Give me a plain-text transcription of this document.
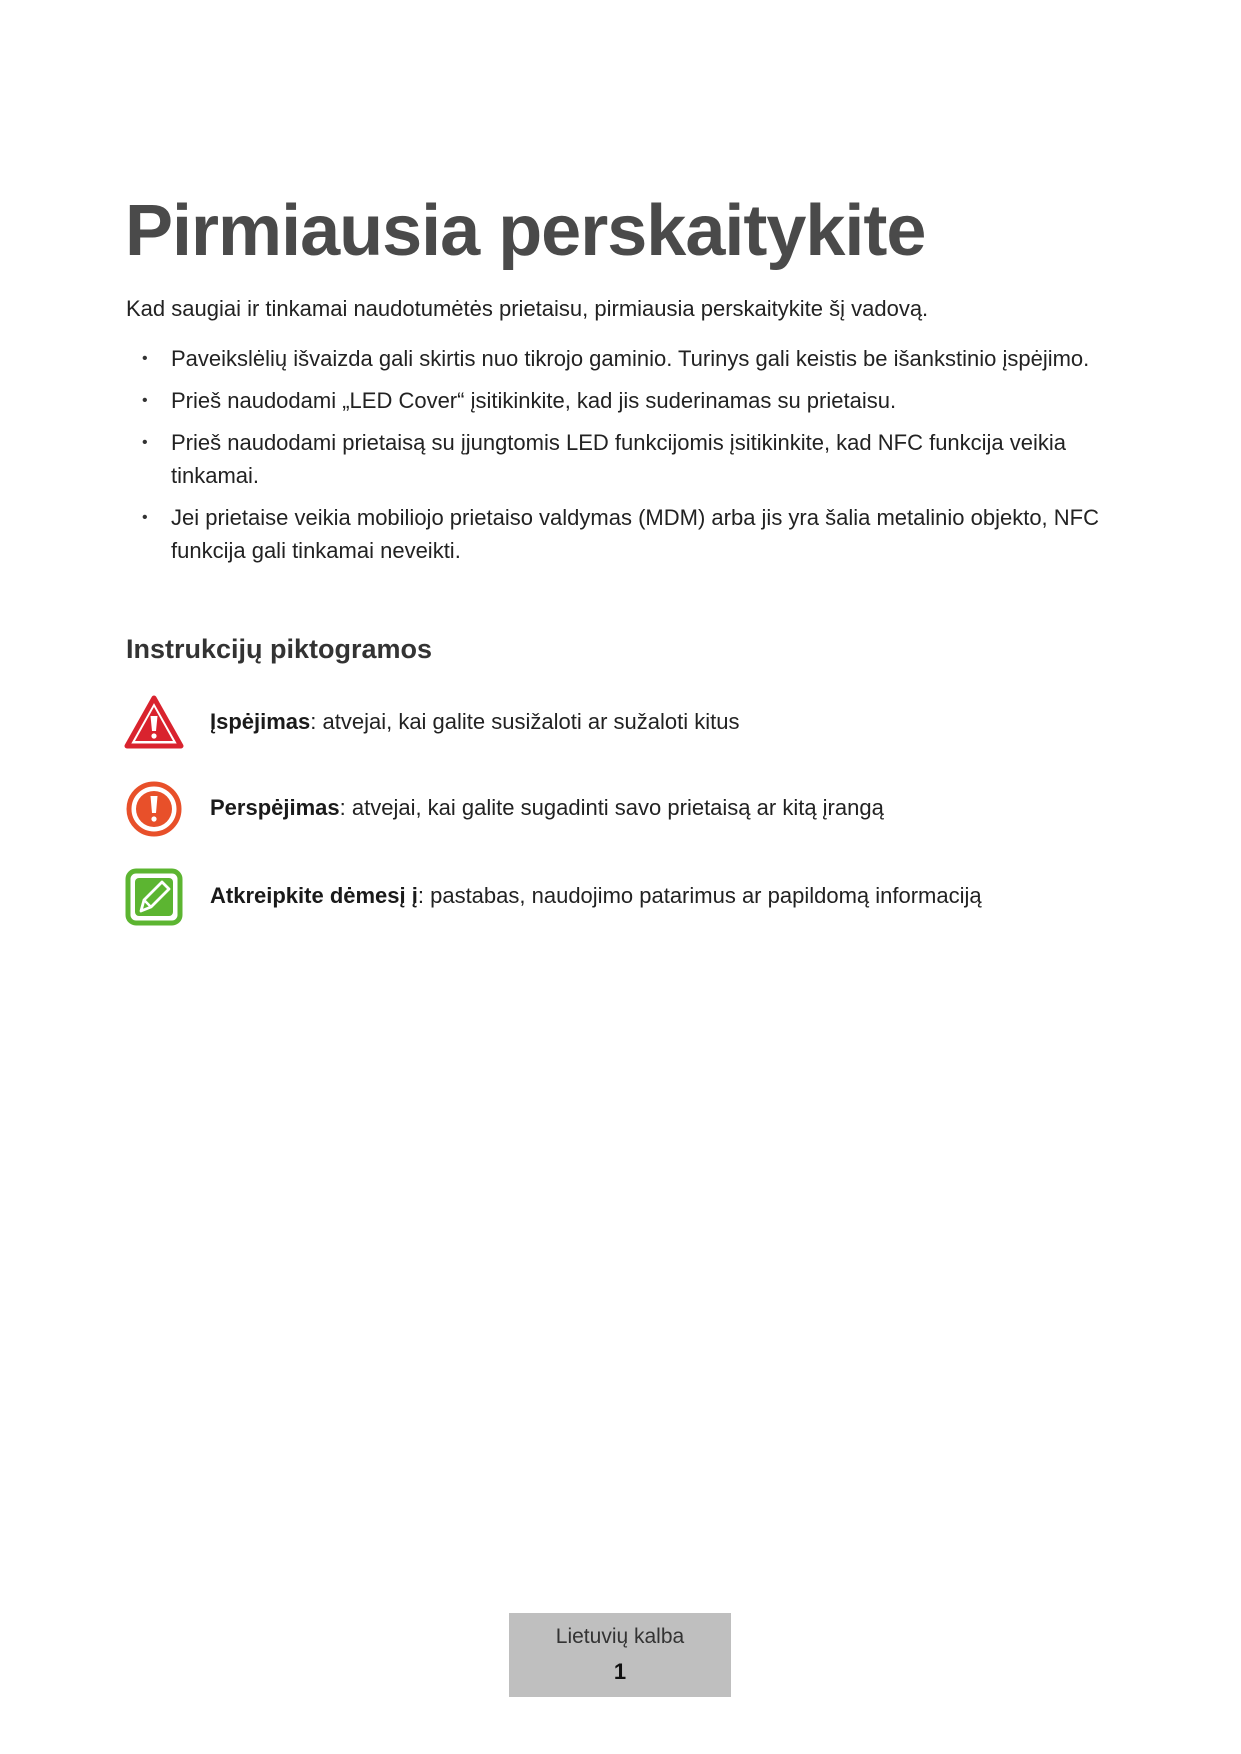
Pirmiausia perskaitykite

Kad saugiai ir tinkamai naudotumėtės prietaisu, pirmiausia perskaitykite šį vadovą.

• Paveikslėlių išvaizda gali skirtis nuo tikrojo gaminio. Turinys gali keistis be išankstinio įspėjimo.
• Prieš naudodami „LED Cover“ įsitikinkite, kad jis suderinamas su prietaisu.
• Prieš naudodami prietaisą su įjungtomis LED funkcijomis įsitikinkite, kad NFC funkcija veikia tinkamai.
• Jei prietaise veikia mobiliojo prietaiso valdymas (MDM) arba jis yra šalia metalinio objekto, NFC funkcija gali tinkamai neveikti.
Instrukcijų piktogramos
Įspėjimas: atvejai, kai galite susižaloti ar sužaloti kitus
Perspėjimas: atvejai, kai galite sugadinti savo prietaisą ar kitą įrangą
Atkreipkite dėmesį į: pastabas, naudojimo patarimus ar papildomą informaciją
Lietuvių kalba
1
